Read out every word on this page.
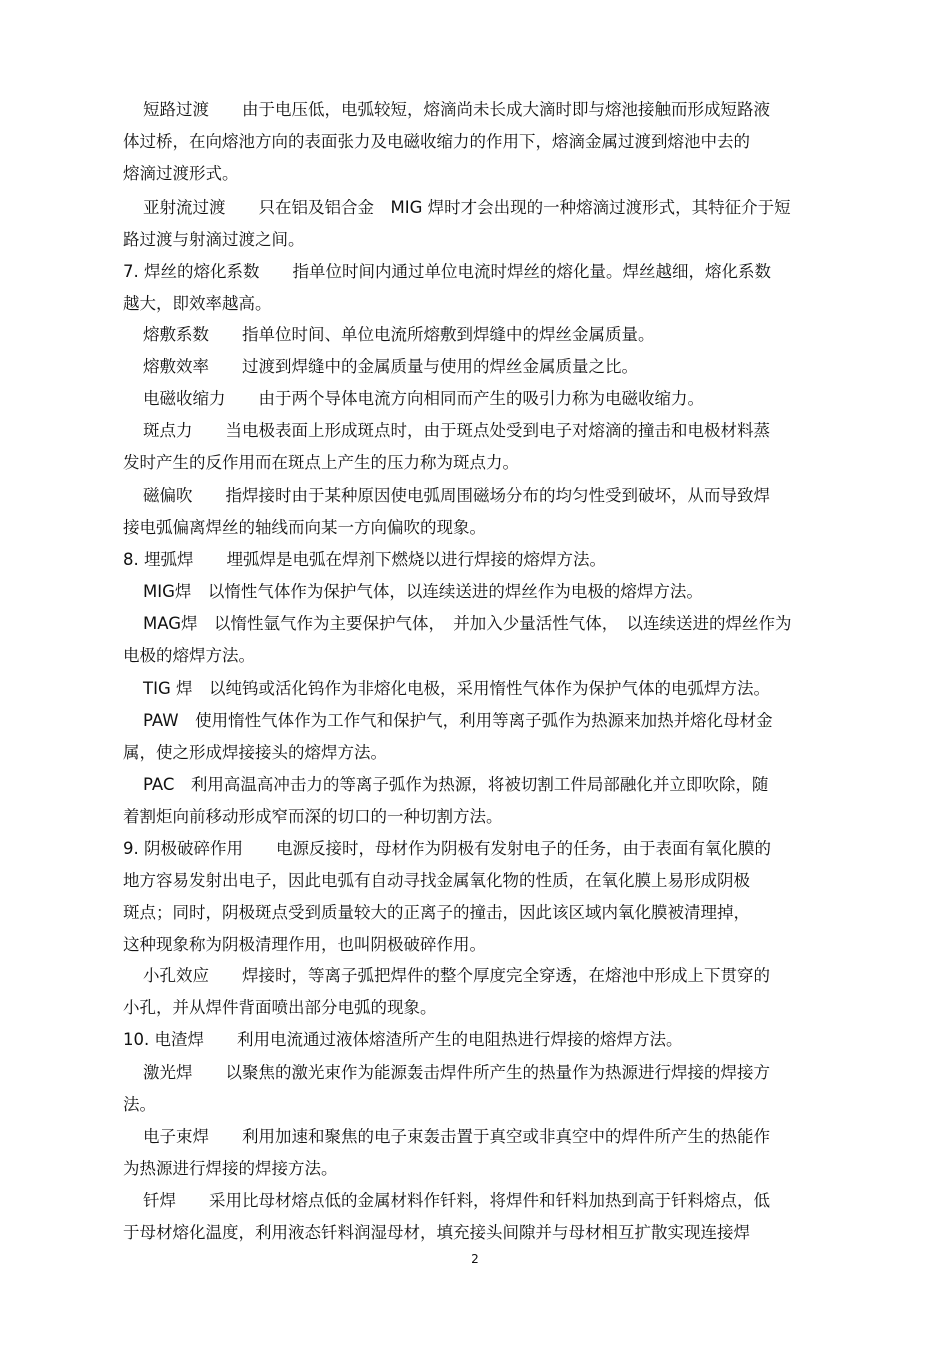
短路过渡　　由于电压低，电弧较短，熔滴尚未长成大滴时即与熔池接触而形成短路液
体过桥，在向熔池方向的表面张力及电磁收缩力的作用下，熔滴金属过渡到熔池中去的
熔滴过渡形式。
亚射流过渡　　只在铝及铝合金　MIG 焊时才会出现的一种熔滴过渡形式，其特征介于短
路过渡与射滴过渡之间。
7. 焊丝的熔化系数　　指单位时间内通过单位电流时焊丝的熔化量。焊丝越细，熔化系数
越大，即效率越高。
熔敷系数　　指单位时间、单位电流所熔敷到焊缝中的焊丝金属质量。
熔敷效率　　过渡到焊缝中的金属质量与使用的焊丝金属质量之比。
电磁收缩力　　由于两个导体电流方向相同而产生的吸引力称为电磁收缩力。
斑点力　　当电极表面上形成斑点时，由于斑点处受到电子对熔滴的撞击和电极材料蒸
发时产生的反作用而在斑点上产生的压力称为斑点力。
磁偏吹　　指焊接时由于某种原因使电弧周围磁场分布的均匀性受到破坏，从而导致焊
接电弧偏离焊丝的轴线而向某一方向偏吹的现象。
8. 埋弧焊　　埋弧焊是电弧在焊剂下燃烧以进行焊接的熔焊方法。
MIG焊　以惰性气体作为保护气体，以连续送进的焊丝作为电极的熔焊方法。
MAG焊　以惰性氩气作为主要保护气体，　并加入少量活性气体，　以连续送进的焊丝作为
电极的熔焊方法。
TIG 焊　以纯钨或活化钨作为非熔化电极，采用惰性气体作为保护气体的电弧焊方法。
PAW　使用惰性气体作为工作气和保护气，利用等离子弧作为热源来加热并熔化母材金
属，使之形成焊接接头的熔焊方法。
PAC　利用高温高冲击力的等离子弧作为热源，将被切割工件局部融化并立即吹除，随
着割炬向前移动形成窄而深的切口的一种切割方法。
9. 阴极破碎作用　　电源反接时，母材作为阴极有发射电子的任务，由于表面有氧化膜的
地方容易发射出电子，因此电弧有自动寻找金属氧化物的性质，在氧化膜上易形成阴极
斑点；同时，阴极斑点受到质量较大的正离子的撞击，因此该区域内氧化膜被清理掉，
这种现象称为阴极清理作用，也叫阴极破碎作用。
小孔效应　　焊接时，等离子弧把焊件的整个厚度完全穿透，在熔池中形成上下贯穿的
小孔，并从焊件背面喷出部分电弧的现象。
10. 电渣焊　　利用电流通过液体熔渣所产生的电阻热进行焊接的熔焊方法。
激光焊　　以聚焦的激光束作为能源轰击焊件所产生的热量作为热源进行焊接的焊接方
法。
电子束焊　　利用加速和聚焦的电子束轰击置于真空或非真空中的焊件所产生的热能作
为热源进行焊接的焊接方法。
钎焊　　采用比母材熔点低的金属材料作钎料，将焊件和钎料加热到高于钎料熔点，低
于母材熔化温度，利用液态钎料润湿母材，填充接头间隙并与母材相互扩散实现连接焊
2
